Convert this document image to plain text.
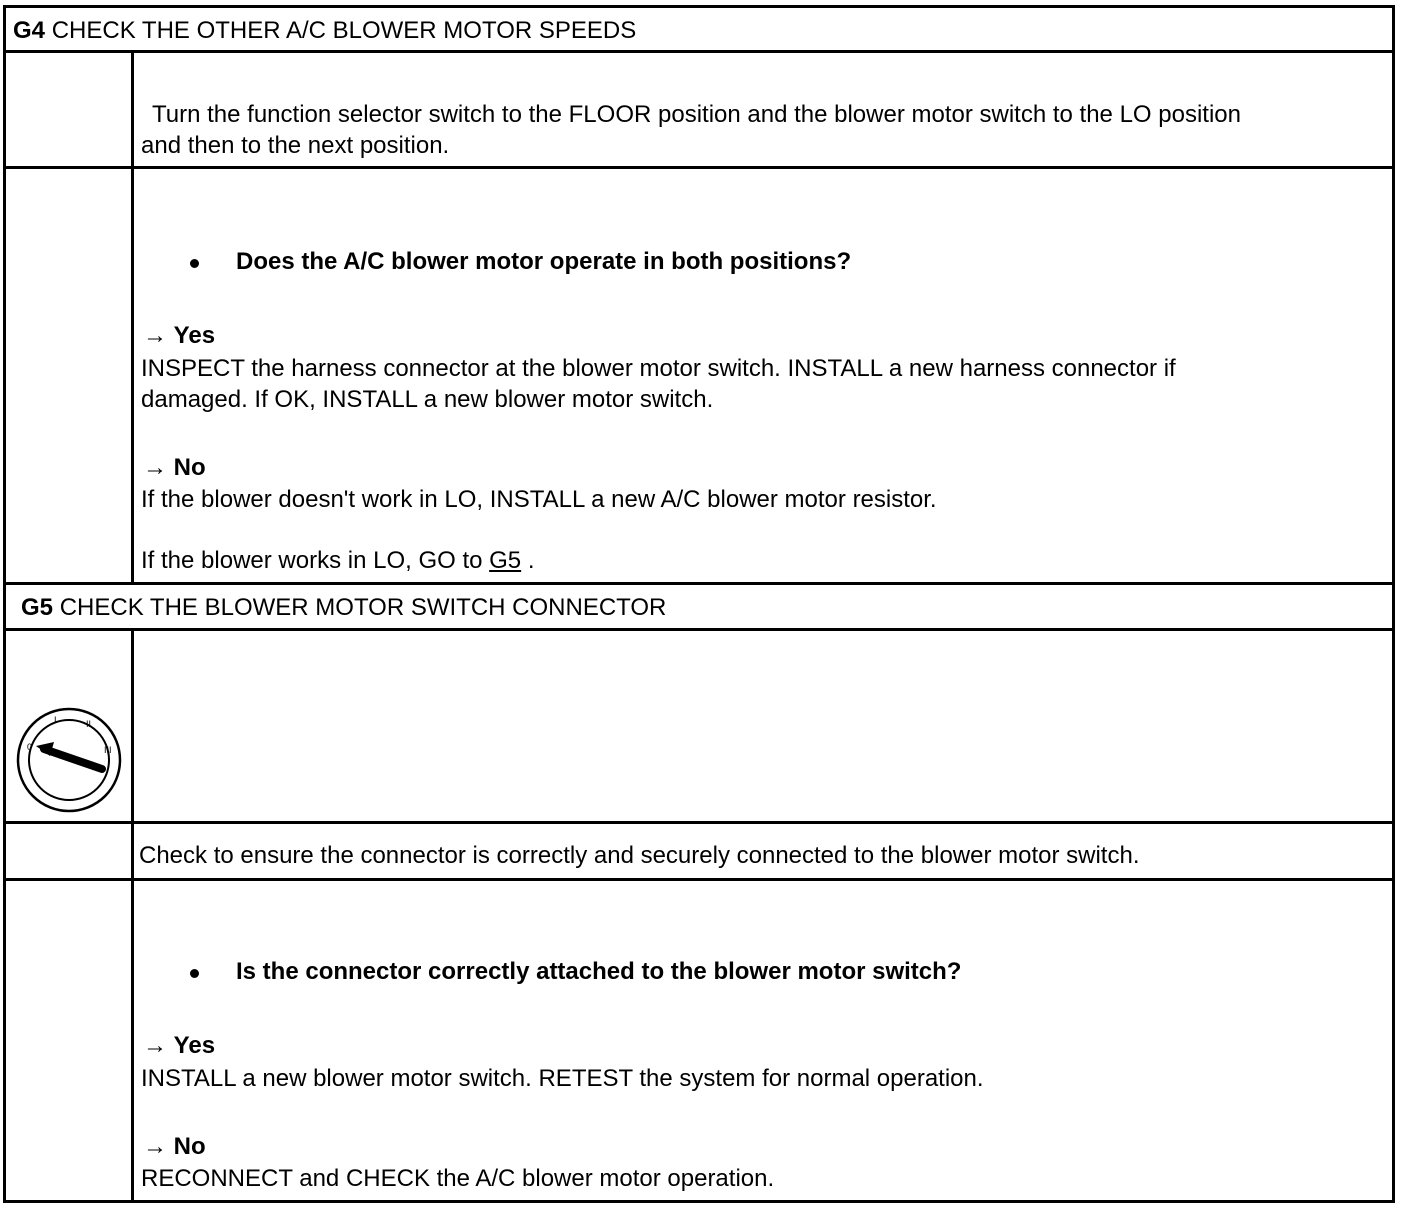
G4 CHECK THE OTHER A/C BLOWER MOTOR SPEEDS
Turn the function selector switch to the FLOOR position and the blower motor switch to the LO position
and then to the next position.
Does the A/C blower motor operate in both positions?
→ Yes
INSPECT the harness connector at the blower motor switch. INSTALL a new harness connector if
damaged. If OK, INSTALL a new blower motor switch.
→ No
If the blower doesn't work in LO, INSTALL a new A/C blower motor resistor.
If the blower works in LO, GO to G5 .
G5 CHECK THE BLOWER MOTOR SWITCH CONNECTOR
0
I	II
III
Check to ensure the connector is correctly and securely connected to the blower motor switch.
Is the connector correctly attached to the blower motor switch?
→ Yes
INSTALL a new blower motor switch. RETEST the system for normal operation.
→ No
RECONNECT and CHECK the A/C blower motor operation.
